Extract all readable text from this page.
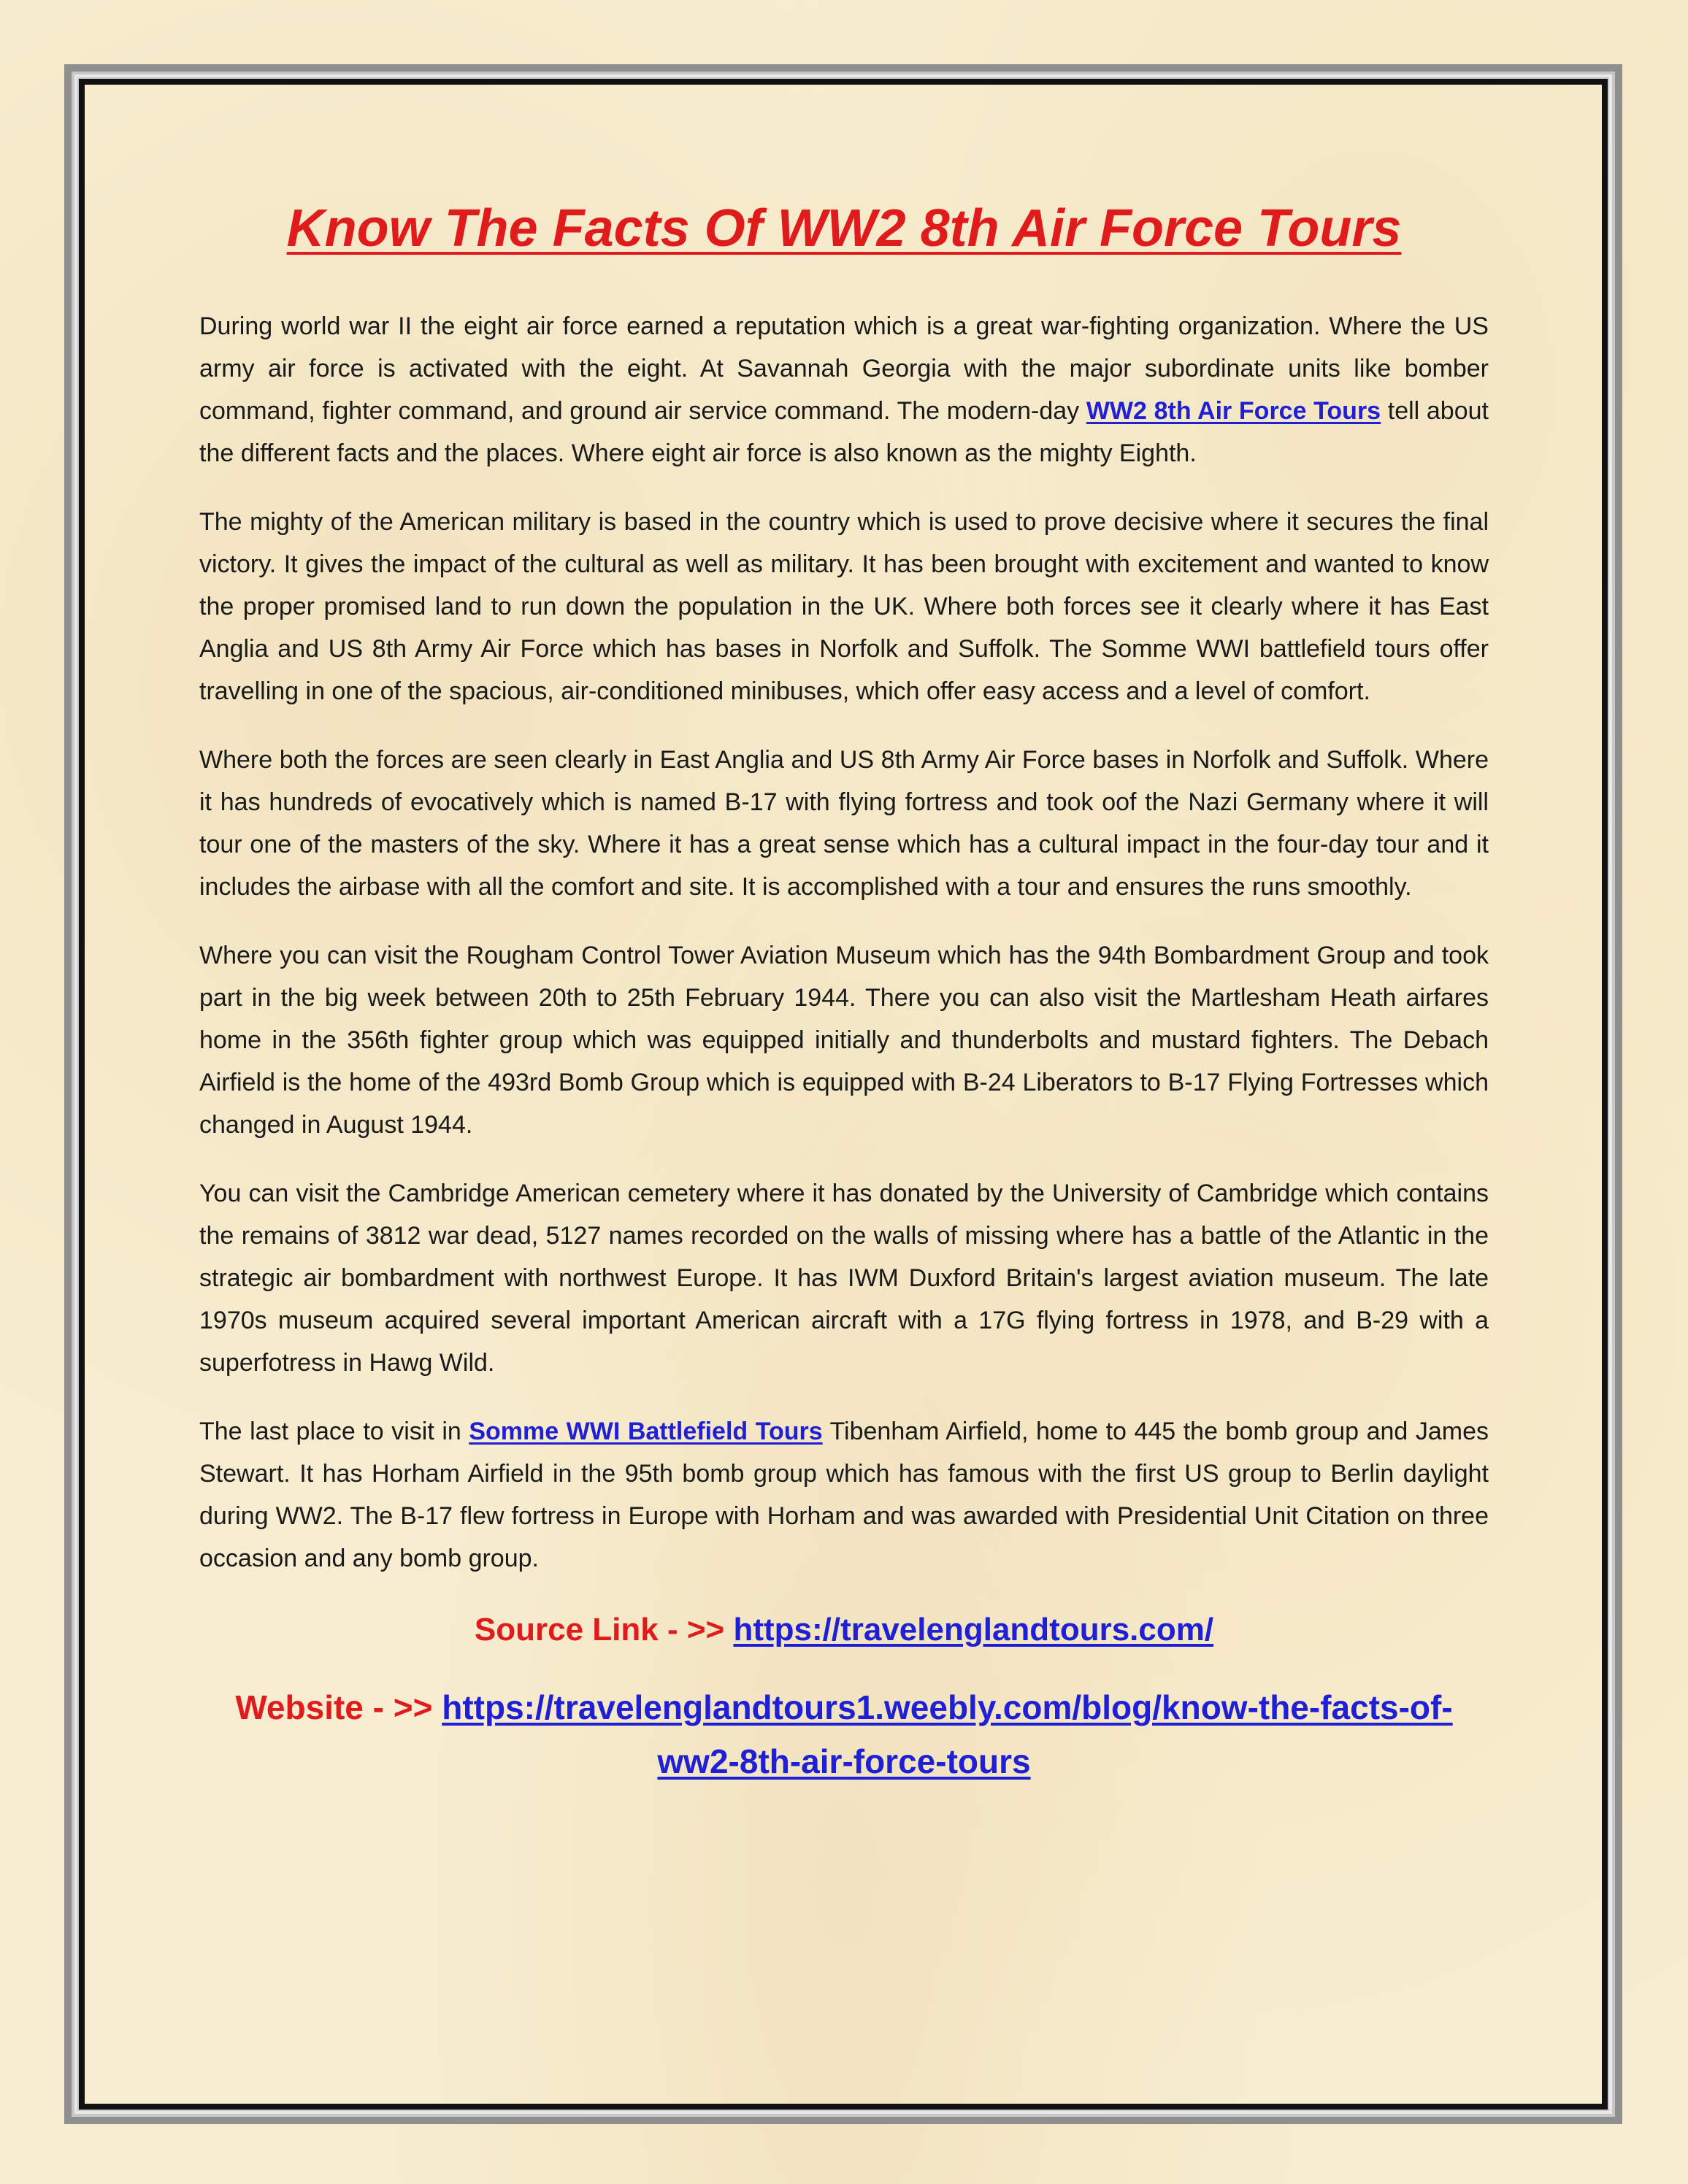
Know The Facts Of WW2 8th Air Force Tours

During world war II the eight air force earned a reputation which is a great war-fighting organization. Where the US army air force is activated with the eight. At Savannah Georgia with the major subordinate units like bomber command, fighter command, and ground air service command. The modern-day WW2 8th Air Force Tours tell about the different facts and the places. Where eight air force is also known as the mighty Eighth.

The mighty of the American military is based in the country which is used to prove decisive where it secures the final victory. It gives the impact of the cultural as well as military. It has been brought with excitement and wanted to know the proper promised land to run down the population in the UK. Where both forces see it clearly where it has East Anglia and US 8th Army Air Force which has bases in Norfolk and Suffolk. The Somme WWI battlefield tours offer travelling in one of the spacious, air-conditioned minibuses, which offer easy access and a level of comfort.

Where both the forces are seen clearly in East Anglia and US 8th Army Air Force bases in Norfolk and Suffolk. Where it has hundreds of evocatively which is named B-17 with flying fortress and took oof the Nazi Germany where it will tour one of the masters of the sky. Where it has a great sense which has a cultural impact in the four-day tour and it includes the airbase with all the comfort and site. It is accomplished with a tour and ensures the runs smoothly.

Where you can visit the Rougham Control Tower Aviation Museum which has the 94th Bombardment Group and took part in the big week between 20th to 25th February 1944. There you can also visit the Martlesham Heath airfares home in the 356th fighter group which was equipped initially and thunderbolts and mustard fighters. The Debach Airfield is the home of the 493rd Bomb Group which is equipped with B-24 Liberators to B-17 Flying Fortresses which changed in August 1944.

You can visit the Cambridge American cemetery where it has donated by the University of Cambridge which contains the remains of 3812 war dead, 5127 names recorded on the walls of missing where has a battle of the Atlantic in the strategic air bombardment with northwest Europe. It has IWM Duxford Britain's largest aviation museum. The late 1970s museum acquired several important American aircraft with a 17G flying fortress in 1978, and B-29 with a superfotress in Hawg Wild.

The last place to visit in Somme WWI Battlefield Tours Tibenham Airfield, home to 445 the bomb group and James Stewart. It has Horham Airfield in the 95th bomb group which has famous with the first US group to Berlin daylight during WW2. The B-17 flew fortress in Europe with Horham and was awarded with Presidential Unit Citation on three occasion and any bomb group.

Source Link - >> https://travelenglandtours.com/

Website - >> https://travelenglandtours1.weebly.com/blog/know-the-facts-of-ww2-8th-air-force-tours
